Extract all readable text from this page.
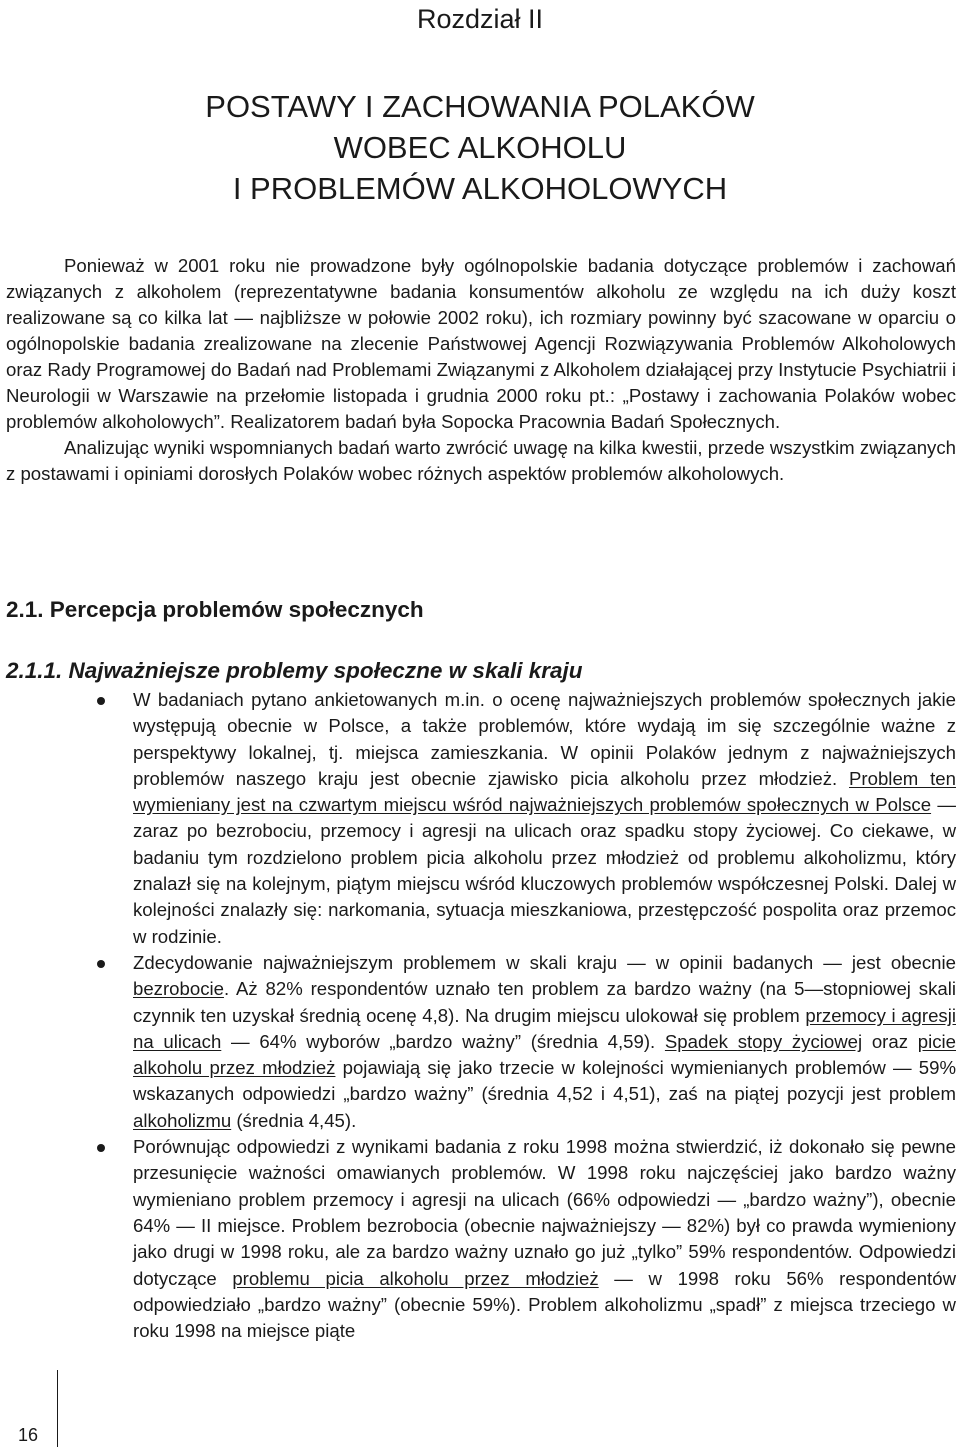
Rozdział II
POSTAWY I ZACHOWANIA POLAKÓW
WOBEC ALKOHOLU
I PROBLEMÓW ALKOHOLOWYCH

Ponieważ w 2001 roku nie prowadzone były ogólnopolskie badania dotyczące problemów i zachowań związanych z alkoholem (reprezentatywne badania konsumentów alkoholu ze względu na ich duży koszt realizowane są co kilka lat — najbliższe w połowie 2002 roku), ich rozmiary powinny być szacowane w oparciu o ogólnopolskie badania zrealizowane na zlecenie Państwowej Agencji Rozwiązywania Problemów Alkoholowych oraz Rady Programowej do Badań nad Problemami Związanymi z Alkoholem działającej przy Instytucie Psychiatrii i Neurologii w Warszawie na przełomie listopada i grudnia 2000 roku pt.: „Postawy i zachowania Polaków wobec problemów alkoholowych”. Realizatorem badań była Sopocka Pracownia Badań Społecznych.

Analizując wyniki wspomnianych badań warto zwrócić uwagę na kilka kwestii, przede wszystkim związanych z postawami i opiniami dorosłych Polaków wobec różnych aspektów problemów alkoholowych.

2.1. Percepcja problemów społecznych
2.1.1. Najważniejsze problemy społeczne w skali kraju
W badaniach pytano ankietowanych m.in. o ocenę najważniejszych problemów społecznych jakie występują obecnie w Polsce, a także problemów, które wydają im się szczególnie ważne z perspektywy lokalnej, tj. miejsca zamieszkania. W opinii Polaków jednym z najważniejszych problemów naszego kraju jest obecnie zjawisko picia alkoholu przez młodzież. Problem ten wymieniany jest na czwartym miejscu wśród najważniejszych problemów społecznych w Polsce — zaraz po bezrobociu, przemocy i agresji na ulicach oraz spadku stopy życiowej. Co ciekawe, w badaniu tym rozdzielono problem picia alkoholu przez młodzież od problemu alkoholizmu, który znalazł się na kolejnym, piątym miejscu wśród kluczowych problemów współczesnej Polski. Dalej w kolejności znalazły się: narkomania, sytuacja mieszkaniowa, przestępczość pospolita oraz przemoc w rodzinie.
Zdecydowanie najważniejszym problemem w skali kraju — w opinii badanych — jest obecnie bezrobocie. Aż 82% respondentów uznało ten problem za bardzo ważny (na 5—stopniowej skali czynnik ten uzyskał średnią ocenę 4,8). Na drugim miejscu ulokował się problem przemocy i agresji na ulicach — 64% wyborów „bardzo ważny” (średnia 4,59). Spadek stopy życiowej oraz picie alkoholu przez młodzież pojawiają się jako trzecie w kolejności wymienianych problemów — 59% wskazanych odpowiedzi „bardzo ważny” (średnia 4,52 i 4,51), zaś na piątej pozycji jest problem alkoholizmu (średnia 4,45).
Porównując odpowiedzi z wynikami badania z roku 1998 można stwierdzić, iż dokonało się pewne przesunięcie ważności omawianych problemów. W 1998 roku najczęściej jako bardzo ważny wymieniano problem przemocy i agresji na ulicach (66% odpowiedzi — „bardzo ważny”), obecnie 64% — II miejsce. Problem bezrobocia (obecnie najważniejszy — 82%) był co prawda wymieniony jako drugi w 1998 roku, ale za bardzo ważny uznało go już „tylko” 59% respondentów. Odpowiedzi dotyczące problemu picia alkoholu przez młodzież — w 1998 roku 56% respondentów odpowiedziało „bardzo ważny” (obecnie 59%). Problem alkoholizmu „spadł” z miejsca trzeciego w roku 1998 na miejsce piąte
16
